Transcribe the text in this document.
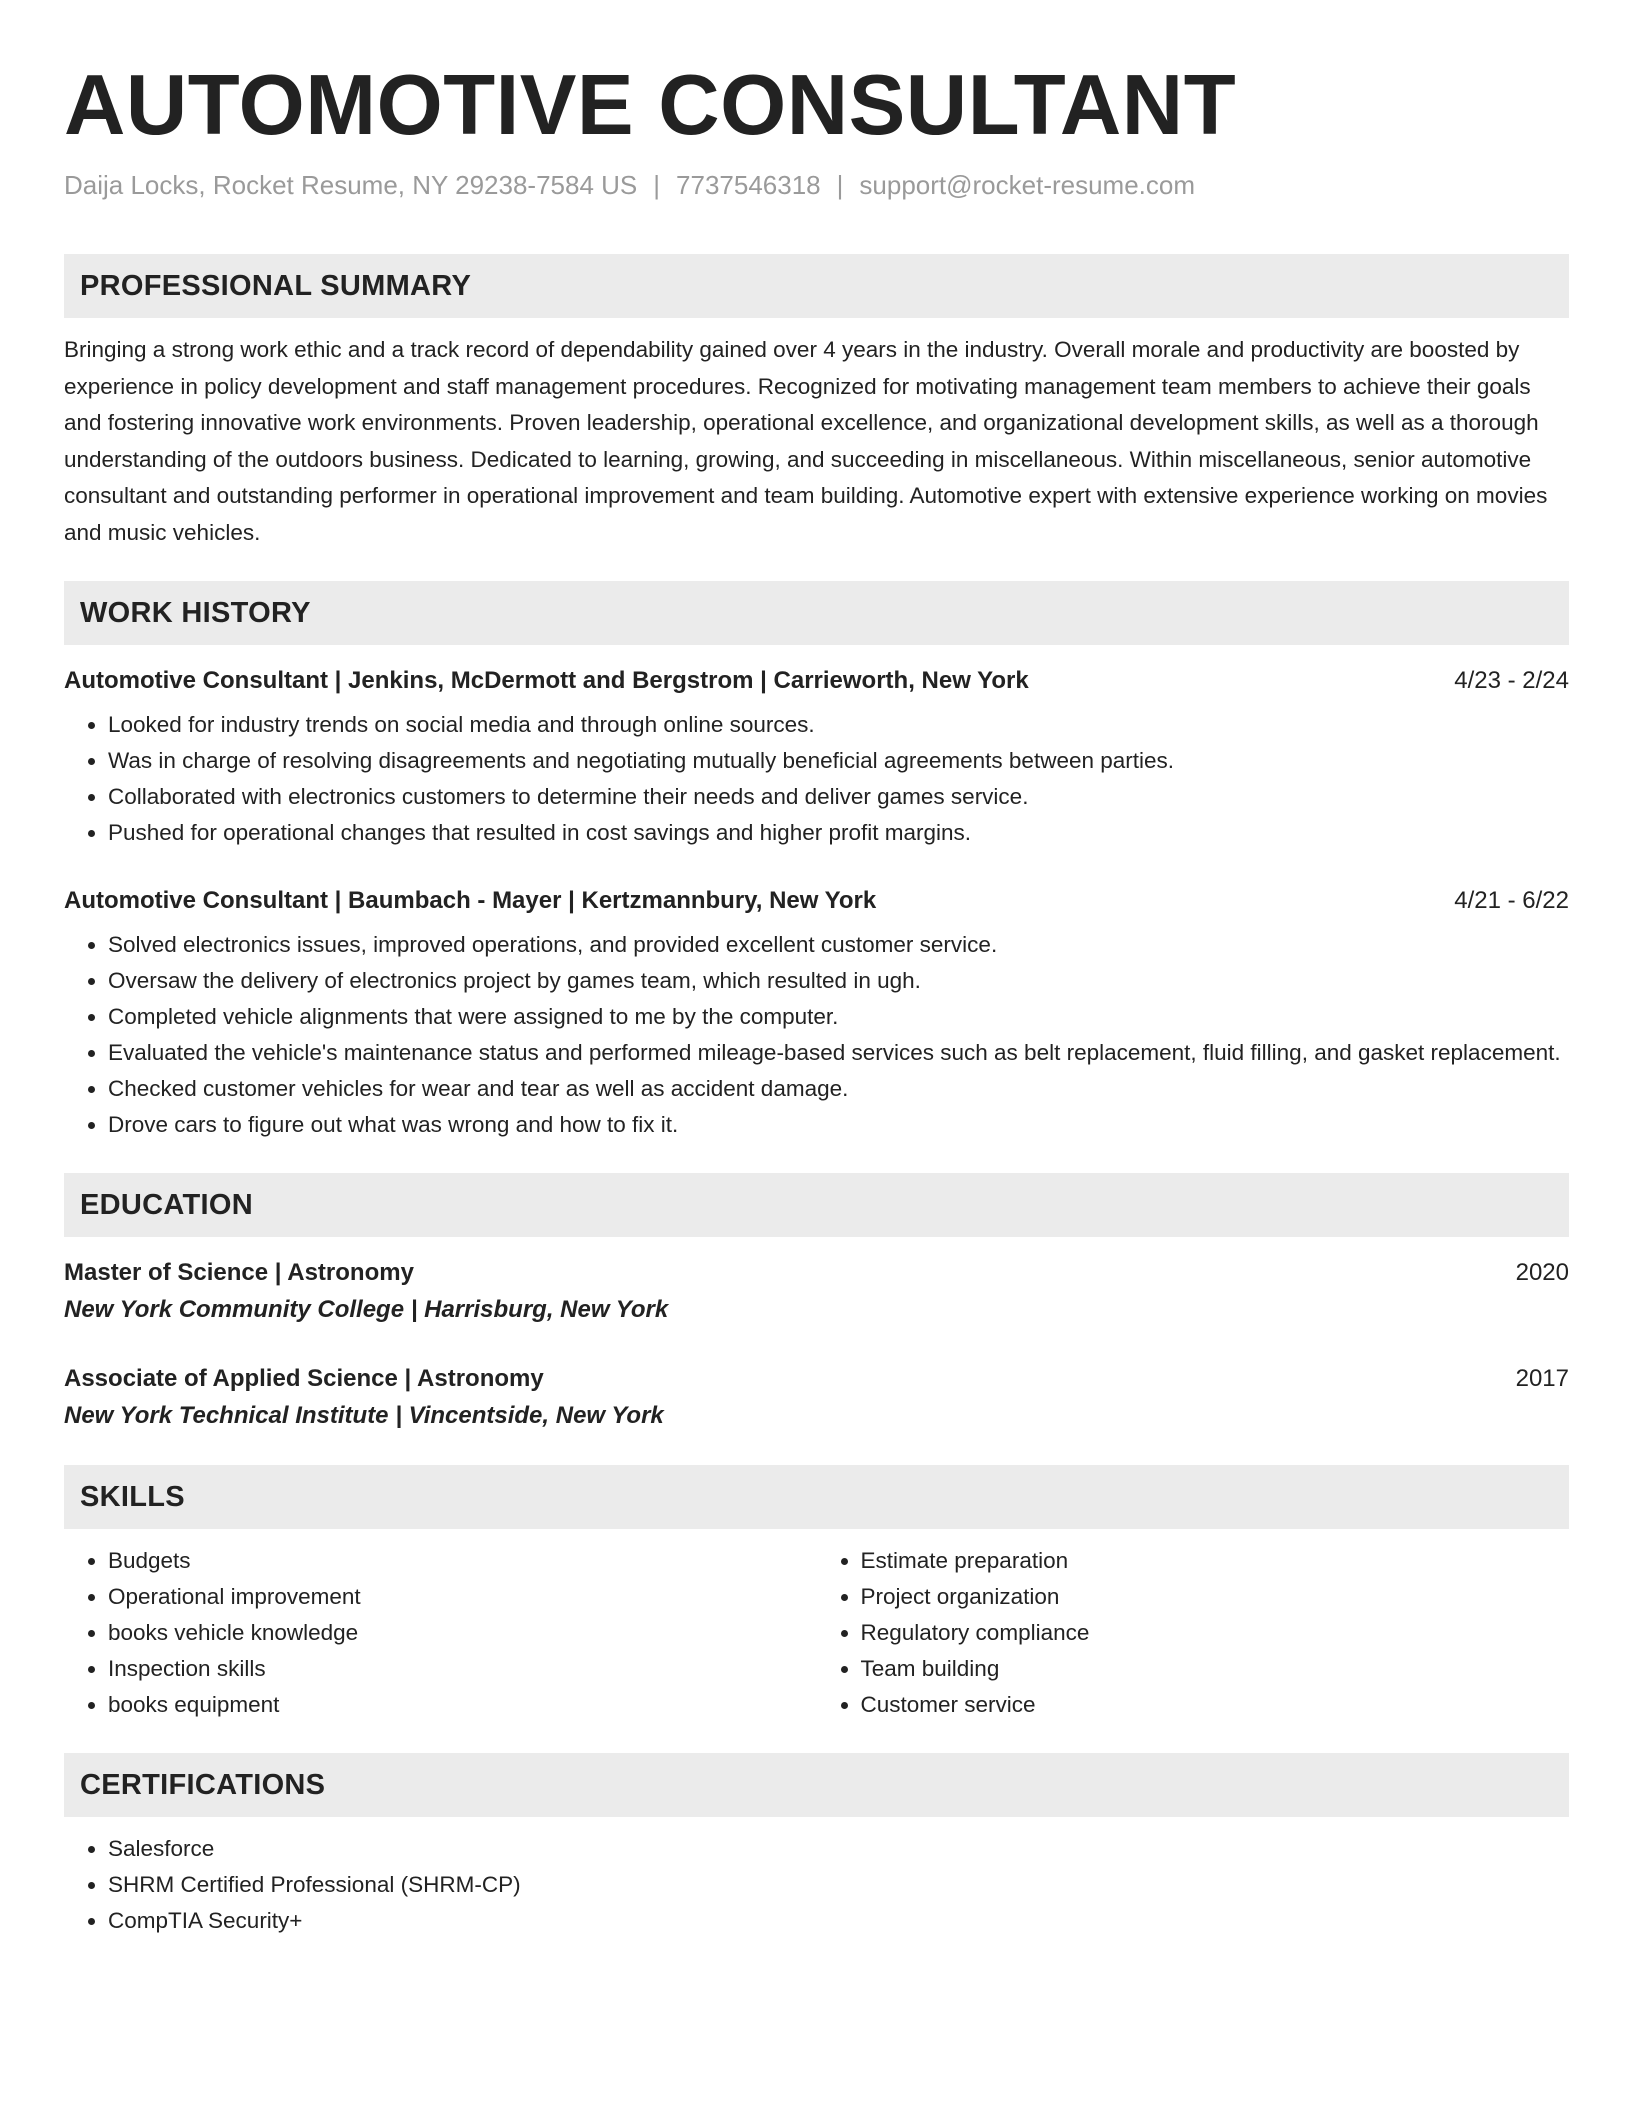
AUTOMOTIVE CONSULTANT
Daija Locks, Rocket Resume, NY 29238-7584 US | 7737546318 | support@rocket-resume.com
PROFESSIONAL SUMMARY
Bringing a strong work ethic and a track record of dependability gained over 4 years in the industry. Overall morale and productivity are boosted by experience in policy development and staff management procedures. Recognized for motivating management team members to achieve their goals and fostering innovative work environments. Proven leadership, operational excellence, and organizational development skills, as well as a thorough understanding of the outdoors business. Dedicated to learning, growing, and succeeding in miscellaneous. Within miscellaneous, senior automotive consultant and outstanding performer in operational improvement and team building. Automotive expert with extensive experience working on movies and music vehicles.
WORK HISTORY
Automotive Consultant | Jenkins, McDermott and Bergstrom | Carrieworth, New York	4/23 - 2/24
• Looked for industry trends on social media and through online sources.
• Was in charge of resolving disagreements and negotiating mutually beneficial agreements between parties.
• Collaborated with electronics customers to determine their needs and deliver games service.
• Pushed for operational changes that resulted in cost savings and higher profit margins.
Automotive Consultant | Baumbach - Mayer | Kertzmannbury, New York	4/21 - 6/22
• Solved electronics issues, improved operations, and provided excellent customer service.
• Oversaw the delivery of electronics project by games team, which resulted in ugh.
• Completed vehicle alignments that were assigned to me by the computer.
• Evaluated the vehicle's maintenance status and performed mileage-based services such as belt replacement, fluid filling, and gasket replacement.
• Checked customer vehicles for wear and tear as well as accident damage.
• Drove cars to figure out what was wrong and how to fix it.
EDUCATION
Master of Science | Astronomy	2020
New York Community College | Harrisburg, New York
Associate of Applied Science | Astronomy	2017
New York Technical Institute | Vincentside, New York
SKILLS
• Budgets
• Operational improvement
• books vehicle knowledge
• Inspection skills
• books equipment
• Estimate preparation
• Project organization
• Regulatory compliance
• Team building
• Customer service
CERTIFICATIONS
• Salesforce
• SHRM Certified Professional (SHRM-CP)
• CompTIA Security+
